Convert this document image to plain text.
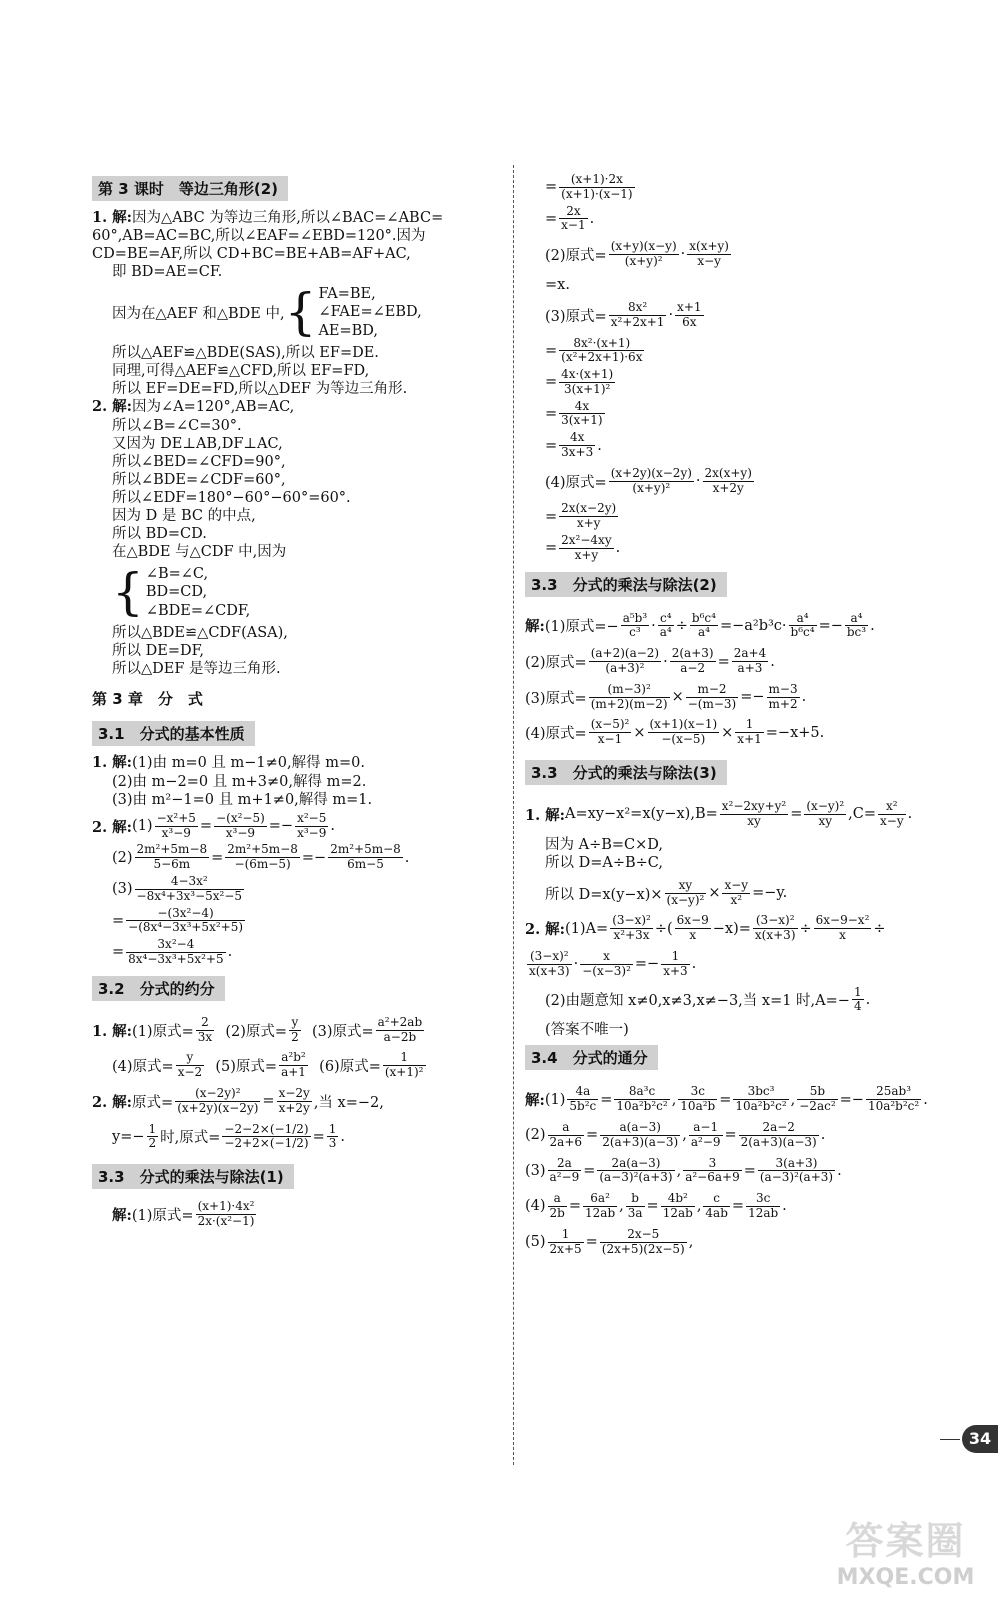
第 3 课时　等边三角形(2)
1. 解:因为△ABC 为等边三角形,所以∠BAC=∠ABC=
60°,AB=AC=BC,所以∠EAF=∠EBD=120°.因为
CD=BE=AF,所以 CD+BC=BE+AB=AF+AC,
即 BD=AE=CF.
因为在△AEF 和△BDE 中, { FA=BE,
∠FAE=∠EBD,
AE=BD,
所以△AEF≌△BDE(SAS),所以 EF=DE.
同理,可得△AEF≌△CFD,所以 EF=FD,
所以 EF=DE=FD,所以△DEF 为等边三角形.
2. 解:因为∠A=120°,AB=AC,
所以∠B=∠C=30°.
又因为 DE⊥AB,DF⊥AC,
所以∠BED=∠CFD=90°,
所以∠BDE=∠CDF=60°,
所以∠EDF=180°−60°−60°=60°.
因为 D 是 BC 的中点,
所以 BD=CD.
在△BDE 与△CDF 中,因为
{ ∠B=∠C,
BD=CD,
∠BDE=∠CDF,
所以△BDE≌△CDF(ASA),
所以 DE=DF,
所以△DEF 是等边三角形.
第 3 章　分　式
3.1　分式的基本性质
1. 解:(1)由 m=0 且 m−1≠0,解得 m=0.
(2)由 m−2=0 且 m+3≠0,解得 m=2.
(3)由 m²−1=0 且 m+1≠0,解得 m=1.
2. 解: $(1) \frac{\text{−x²+5}}{\text{x³−9}} = \frac{\text{−(x²−5)}}{\text{x³−9}} =- \frac{\text{x²−5}}{\text{x³−9}}$ .
$(2) \frac{\text{2m²+5m−8}}{5-6m} = \frac{\text{2m²+5m−8}}{-(6m-5)} =- \frac{\text{2m²+5m−8}}{6m-5}$ .
$(3) \frac{\text{4−3x²}}{\text{−8x⁴+3x³−5x²−5}}$
= $\frac{\text{−(3x²−4)}}{\text{−(8x⁴−3x³+5x²+5)}}$
= $\frac{\text{3x²−4}}{\text{8x⁴−3x³+5x²+5}}$ .
3.2　分式的约分
1. 解: (1)原式= $\frac{2}{3x}$
(2)原式= $\frac{y}{2}$
(3)原式= $\frac{\text{a²+2ab}}{a-2b}$
(4)原式= $\frac{y}{x-2}$
(5)原式= $\frac{\text{a²b²}}{a+1}$
(6)原式= $\frac{1}{\text{(x+1)²}}$
2. 解: 原式= $\frac{\text{(x−2y)²}}{(x+2y)(x-2y)} = \frac{x-2y}{x+2y}$ ,当 x=−2,
$y=- \frac{1}{2}$ 时,原式= $\frac{-2-2\times(-1/2)}{-2+2\times(-1/2)} = \frac{1}{3}$ .
3.3　分式的乘法与除法(1)
解: (1)原式= $\frac{\text{(x+1)·4x²}}{\text{2x·(x²−1)}}$
= $\frac{(x+1)\cdot 2x}{(x+1)\cdot(x-1)}$
= $\frac{2x}{x-1}$ .
(2)原式= $\frac{(x+y)(x-y)}{\text{(x+y)²}} \cdot \frac{x(x+y)}{x-y}$
=x.
(3)原式= $\frac{\text{8x²}}{\text{x²+2x+1}} \cdot \frac{x+1}{6x}$
= $\frac{\text{8x²·(x+1)}}{\text{(x²+2x+1)·6x}}$
= $\frac{4x\cdot(x+1)}{\text{3(x+1)²}}$
= $\frac{4x}{3(x+1)}$
= $\frac{4x}{3x+3}$ .
(4)原式= $\frac{(x+2y)(x-2y)}{\text{(x+y)²}} \cdot \frac{2x(x+y)}{x+2y}$
= $\frac{2x(x-2y)}{x+y}$
= $\frac{\text{2x²−4xy}}{x+y}$ .
3.3　分式的乘法与除法(2)
解: (1)原式=− $\frac{\text{a⁵b³}}{\text{c³}} \cdot \frac{\text{c⁴}}{\text{a⁴}} \div \frac{\text{b⁶c⁴}}{\text{a⁴}} =-a^2b^3c\cdot \frac{\text{a⁴}}{\text{b⁶c⁴}} =- \frac{\text{a⁴}}{\text{bc³}}$ .
(2)原式= $\frac{(a+2)(a-2)}{\text{(a+3)²}} \cdot \frac{2(a+3)}{a-2} = \frac{2a+4}{a+3}$ .
(3)原式= $\frac{\text{(m−3)²}}{(m+2)(m-2)} \times \frac{m-2}{-(m-3)} =- \frac{m-3}{m+2}$ .
(4)原式= $\frac{\text{(x−5)²}}{x-1} \times \frac{(x+1)(x-1)}{-(x-5)} \times \frac{1}{x+1} =-x+5$.
3.3　分式的乘法与除法(3)
1. 解: $A=xy-x^2=x(y-x),B= \frac{\text{x²−2xy+y²}}{xy} = \frac{\text{(x−y)²}}{xy} ,C= \frac{\text{x²}}{x-y}$ .
因为 A÷B=C×D,
所以 D=A÷B÷C,
所以 $D=x(y-x)\times \frac{xy}{\text{(x−y)²}} \times \frac{x-y}{\text{x²}} =-y$.
2. 解: $(1)A= \frac{\text{(3−x)²}}{\text{x²+3x}}$ ÷( $\frac{6x-9}{x} -x)= \frac{\text{(3−x)²}}{x(x+3)} \div \frac{\text{6x−9−x²}}{x}$ ÷
$\frac{\text{(3−x)²}}{x(x+3)} \cdot \frac{x}{\text{−(x−3)²}} =- \frac{1}{x+3}$ .
(2)由题意知 x≠0,x≠3,x≠−3,当 x=1 时$,A=- \frac{1}{4}$ .
(答案不唯一)
3.4　分式的通分
解: $(1) \frac{4a}{\text{5b²c}} = \frac{\text{8a³c}}{\text{10a²b²c²}}$ , $\frac{3c}{\text{10a²b}} = \frac{\text{3bc³}}{\text{10a²b²c²}}$ , $\frac{5b}{\text{−2ac²}} =- \frac{\text{25ab³}}{\text{10a²b²c²}}$ .
$(2) \frac{a}{2a+6} = \frac{a(a-3)}{2(a+3)(a-3)}$ , $\frac{a-1}{\text{a²−9}} = \frac{2a-2}{2(a+3)(a-3)}$ .
$(3) \frac{2a}{\text{a²−9}} = \frac{2a(a-3)}{\text{(a−3)²(a+3)}}$ , $\frac{3}{\text{a²−6a+9}} = \frac{3(a+3)}{\text{(a−3)²(a+3)}}$ .
$(4) \frac{a}{2b} = \frac{\text{6a²}}{12ab}$ , $\frac{b}{3a} = \frac{\text{4b²}}{12ab}$ , $\frac{c}{4ab} = \frac{3c}{12ab}$ .
$(5) \frac{1}{2x+5} = \frac{2x-5}{(2x+5)(2x-5)}$ ,
34
答案圈
MXQE.COM
